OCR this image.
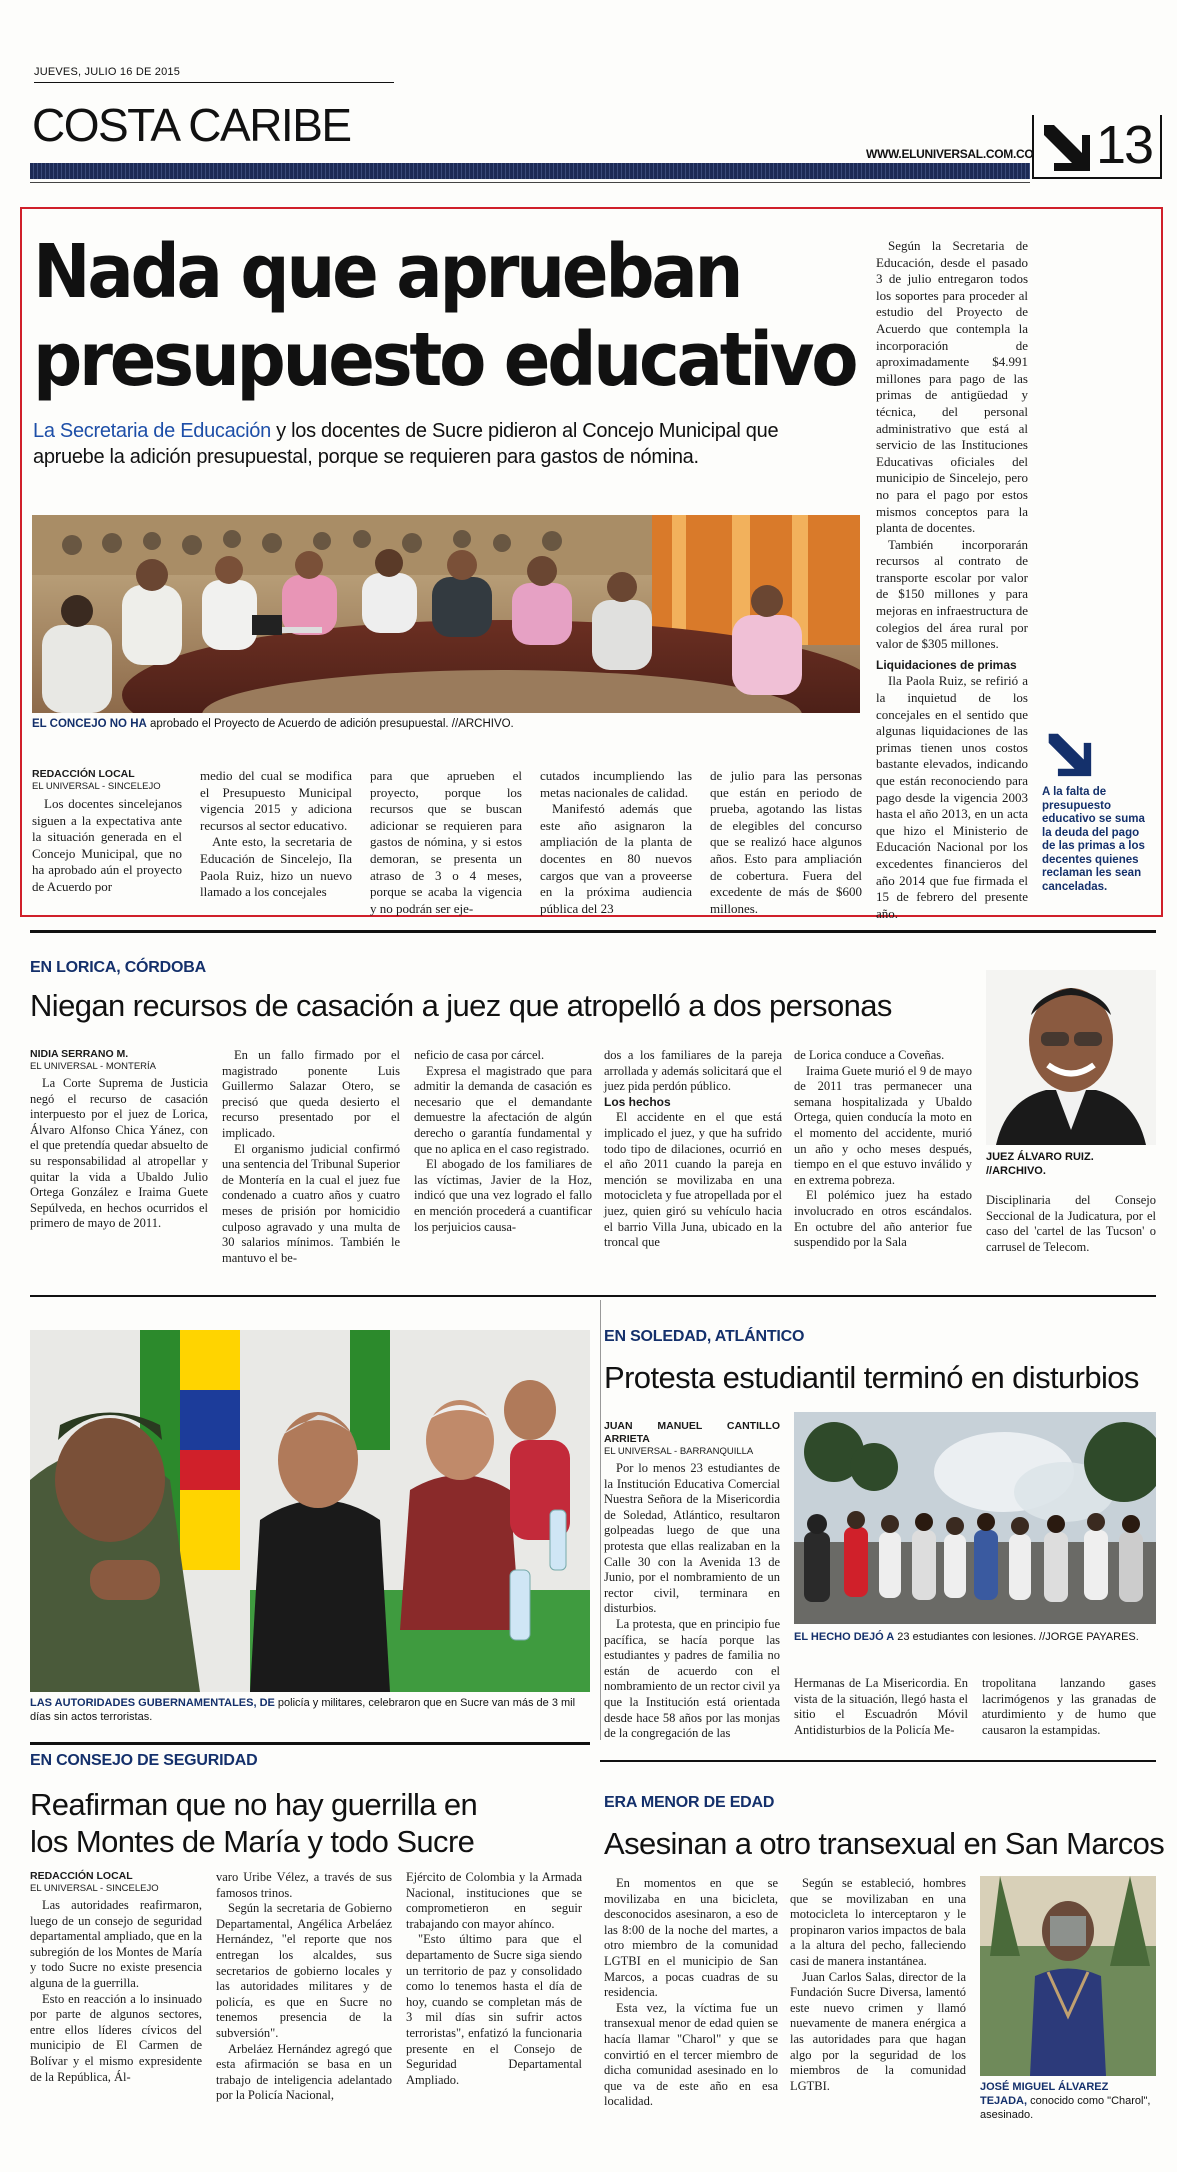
JUEVES, JULIO 16 DE 2015
COSTA CARIBE
WWW.ELUNIVERSAL.COM.CO 13
Nada que aprueban
presupuesto educativo
La Secretaria de Educación y los docentes de Sucre pidieron al Concejo Municipal que
apruebe la adición presupuestal, porque se requieren para gastos de nómina.
EL CONCEJO NO HA aprobado el Proyecto de Acuerdo de adición presupuestal. //ARCHIVO.
REDACCIÓN LOCAL
EL UNIVERSAL - SINCELEJO

Los docentes sincelejanos siguen a la expectativa ante la situación generada en el Concejo Municipal, que no ha aprobado aún el proyecto de Acuerdo por

medio del cual se modifica el Presupuesto Municipal vigencia 2015 y adiciona recursos al sector educativo.

Ante esto, la secretaria de Educación de Sincelejo, Ila Paola Ruiz, hizo un nuevo llamado a los concejales

para que aprueben el proyecto, porque los recursos que se buscan adicionar se requieren para gastos de nómina, y si estos demoran, se presenta un atraso de 3 o 4 meses, porque se acaba la vigencia y no podrán ser eje-

cutados incumpliendo las metas nacionales de calidad.

Manifestó además que este año asignaron la ampliación de la planta de docentes en 80 nuevos cargos que van a proveerse en la próxima audiencia pública del 23

de julio para las personas que están en periodo de prueba, agotando las listas de elegibles del concurso que se realizó hace algunos años. Esto para ampliación de cobertura. Fuera del excedente de más de $600 millones.

Según la Secretaria de Educación, desde el pasado 3 de julio entregaron todos los soportes para proceder al estudio del Proyecto de Acuerdo que contempla la incorporación de aproximadamente $4.991 millones para pago de las primas de antigüedad y técnica, del personal administrativo que está al servicio de las Instituciones Educativas oficiales del municipio de Sincelejo, pero no para el pago por estos mismos conceptos para la planta de docentes.

También incorporarán recursos al contrato de transporte escolar por valor de $150 millones y para mejoras en infraestructura de colegios del área rural por valor de $305 millones.

Liquidaciones de primas

Ila Paola Ruiz, se refirió a la inquietud de los concejales en el sentido que algunas liquidaciones de las primas tienen unos costos bastante elevados, indicando que están reconociendo para pago desde la vigencia 2003 hasta el año 2013, en un acta que hizo el Ministerio de Educación Nacional por los excedentes financieros del año 2014 que fue firmada el 15 de febrero del presente año.

A la falta de presupuesto educativo se suma la deuda del pago de las primas a los decentes quienes reclaman les sean canceladas.
EN LORICA, CÓRDOBA
Niegan recursos de casación a juez que atropelló a dos personas
NIDIA SERRANO M.
EL UNIVERSAL - MONTERÍA

La Corte Suprema de Justicia negó el recurso de casación interpuesto por el juez de Lorica, Álvaro Alfonso Chica Yánez, con el que pretendía quedar absuelto de su responsabilidad al atropellar y quitar la vida a Ubaldo Julio Ortega González e Iraima Guete Sepúlveda, en hechos ocurridos el primero de mayo de 2011.

En un fallo firmado por el magistrado ponente Luis Guillermo Salazar Otero, se precisó que queda desierto el recurso presentado por el implicado.

El organismo judicial confirmó una sentencia del Tribunal Superior de Montería en la cual el juez fue condenado a cuatro años y cuatro meses de prisión por homicidio culposo agravado y una multa de 30 salarios mínimos. También le mantuvo el be-

neficio de casa por cárcel.

Expresa el magistrado que para admitir la demanda de casación es necesario que el demandante demuestre la afectación de algún derecho o garantía fundamental y que no aplica en el caso registrado.

El abogado de los familiares de las víctimas, Javier de la Hoz, indicó que una vez logrado el fallo en mención procederá a cuantificar los perjuicios causa-

dos a los familiares de la pareja arrollada y además solicitará que el juez pida perdón público.

Los hechos

El accidente en el que está implicado el juez, y que ha sufrido todo tipo de dilaciones, ocurrió en el año 2011 cuando la pareja en mención se movilizaba en una motocicleta y fue atropellada por el juez, quien giró su vehículo hacia el barrio Villa Juna, ubicado en la troncal que

de Lorica conduce a Coveñas.

Iraima Guete murió el 9 de mayo de 2011 tras permanecer una semana hospitalizada y Ubaldo Ortega, quien conducía la moto en el momento del accidente, murió un año y ocho meses después, tiempo en el que estuvo inválido y en extrema pobreza.

El polémico juez ha estado involucrado en otros escándalos. En octubre del año anterior fue suspendido por la Sala

JUEZ ÁLVARO RUIZ. //ARCHIVO.

Disciplinaria del Consejo Seccional de la Judicatura, por el caso del 'cartel de las Tucson' o carrusel de Telecom.

LAS AUTORIDADES GUBERNAMENTALES, DE policía y militares, celebraron que en Sucre van más de 3 mil días sin actos terroristas.
EN SOLEDAD, ATLÁNTICO
Protesta estudiantil terminó en disturbios
JUAN MANUEL CANTILLO ARRIETA
EL UNIVERSAL - BARRANQUILLA

Por lo menos 23 estudiantes de la Institución Educativa Comercial Nuestra Señora de la Misericordia de Soledad, Atlántico, resultaron golpeadas luego de que una protesta que ellas realizaban en la Calle 30 con la Avenida 13 de Junio, por el nombramiento de un rector civil, terminara en disturbios.

La protesta, que en principio fue pacífica, se hacía porque las estudiantes y padres de familia no están de acuerdo con el nombramiento de un rector civil ya que la Institución está orientada desde hace 58 años por las monjas de la congregación de las

EL HECHO DEJÓ A 23 estudiantes con lesiones. //JORGE PAYARES.

Hermanas de La Misericordia. En vista de la situación, llegó hasta el sitio el Escuadrón Móvil Antidisturbios de la Policía Me-

tropolitana lanzando gases lacrimógenos y las granadas de aturdimiento y de humo que causaron la estampidas.

EN CONSEJO DE SEGURIDAD
Reafirman que no hay guerrilla en
los Montes de María y todo Sucre
REDACCIÓN LOCAL
EL UNIVERSAL - SINCELEJO

Las autoridades reafirmaron, luego de un consejo de seguridad departamental ampliado, que en la subregión de los Montes de María y todo Sucre no existe presencia alguna de la guerrilla.

Esto en reacción a lo insinuado por parte de algunos sectores, entre ellos líderes cívicos del municipio de El Carmen de Bolívar y el mismo expresidente de la República, Ál-

varo Uribe Vélez, a través de sus famosos trinos.

Según la secretaria de Gobierno Departamental, Angélica Arbeláez Hernández, "el reporte que nos entregan los alcaldes, sus secretarios de gobierno locales y las autoridades militares y de policía, es que en Sucre no tenemos presencia de la subversión".

Arbeláez Hernández agregó que esta afirmación se basa en un trabajo de inteligencia adelantado por la Policía Nacional,

Ejército de Colombia y la Armada Nacional, instituciones que se comprometieron en seguir trabajando con mayor ahínco.

"Esto último para que el departamento de Sucre siga siendo un territorio de paz y consolidado como lo tenemos hasta el día de hoy, cuando se completan más de 3 mil días sin sufrir actos terroristas", enfatizó la funcionaria presente en el Consejo de Seguridad Departamental Ampliado.

ERA MENOR DE EDAD
Asesinan a otro transexual en San Marcos

En momentos en que se movilizaba en una bicicleta, desconocidos asesinaron, a eso de las 8:00 de la noche del martes, a otro miembro de la comunidad LGTBI en el municipio de San Marcos, a pocas cuadras de su residencia.

Esta vez, la víctima fue un transexual menor de edad quien se hacía llamar "Charol" y que se convirtió en el tercer miembro de dicha comunidad asesinado en lo que va de este año en esa localidad.

Según se estableció, hombres que se movilizaban en una motocicleta lo interceptaron y le propinaron varios impactos de bala a la altura del pecho, falleciendo casi de manera instantánea.

Juan Carlos Salas, director de la Fundación Sucre Diversa, lamentó este nuevo crimen y llamó nuevamente de manera enérgica a las autoridades para que hagan algo por la seguridad de los miembros de la comunidad LGTBI.	JOSÉ MIGUEL ÁLVAREZ TEJADA, conocido como "Charol", asesinado.
